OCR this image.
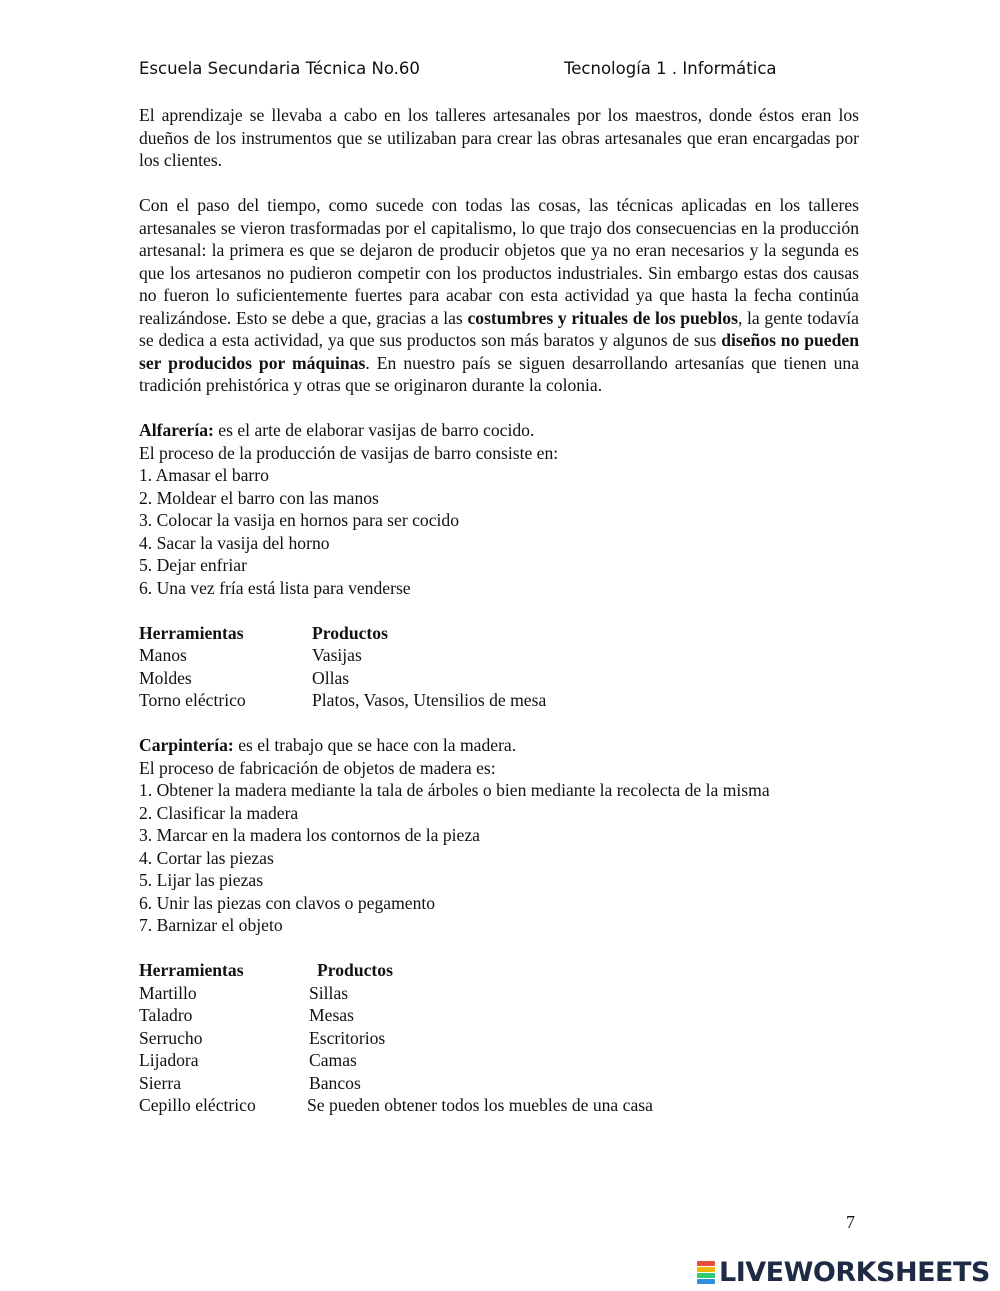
Escuela Secundaria Técnica No.60	Tecnología 1 . Informática

El aprendizaje se llevaba a cabo en los talleres artesanales por los maestros, donde éstos eran los dueños de los instrumentos que se utilizaban para crear las obras artesanales que eran encargadas por los clientes.

Con el paso del tiempo, como sucede con todas las cosas, las técnicas aplicadas en los talleres artesanales se vieron trasformadas por el capitalismo, lo que trajo dos consecuencias en la producción artesanal: la primera es que se dejaron de producir objetos que ya no eran necesarios y la segunda es que los artesanos no pudieron competir con los productos industriales. Sin embargo estas dos causas no fueron lo suficientemente fuertes para acabar con esta actividad ya que hasta la fecha continúa realizándose. Esto se debe a que, gracias a las costumbres y rituales de los pueblos, la gente todavía se dedica a esta actividad, ya que sus productos son más baratos y algunos de sus diseños no pueden ser producidos por máquinas. En nuestro país se siguen desarrollando artesanías que tienen una tradición prehistórica y otras que se originaron durante la colonia.

Alfarería: es el arte de elaborar vasijas de barro cocido.

El proceso de la producción de vasijas de barro consiste en:

1. Amasar el barro

2. Moldear el barro con las manos

3. Colocar la vasija en hornos para ser cocido

4. Sacar la vasija del horno

5. Dejar enfriar

6. Una vez fría está lista para venderse

Herramientas	Productos
Manos	Vasijas
Moldes	Ollas
Torno eléctrico	Platos, Vasos, Utensilios de mesa

Carpintería: es el trabajo que se hace con la madera.

El proceso de fabricación de objetos de madera es:

1. Obtener la madera mediante la tala de árboles o bien mediante la recolecta de la misma

2. Clasificar la madera

3. Marcar en la madera los contornos de la pieza

4. Cortar las piezas

5. Lijar las piezas

6. Unir las piezas con clavos o pegamento

7. Barnizar el objeto

Herramientas	Productos
Martillo	Sillas
Taladro	Mesas
Serrucho	Escritorios
Lijadora	Camas
Sierra	Bancos
Cepillo eléctrico	Se pueden obtener todos los muebles de una casa
7
LIVEWORKSHEETS
